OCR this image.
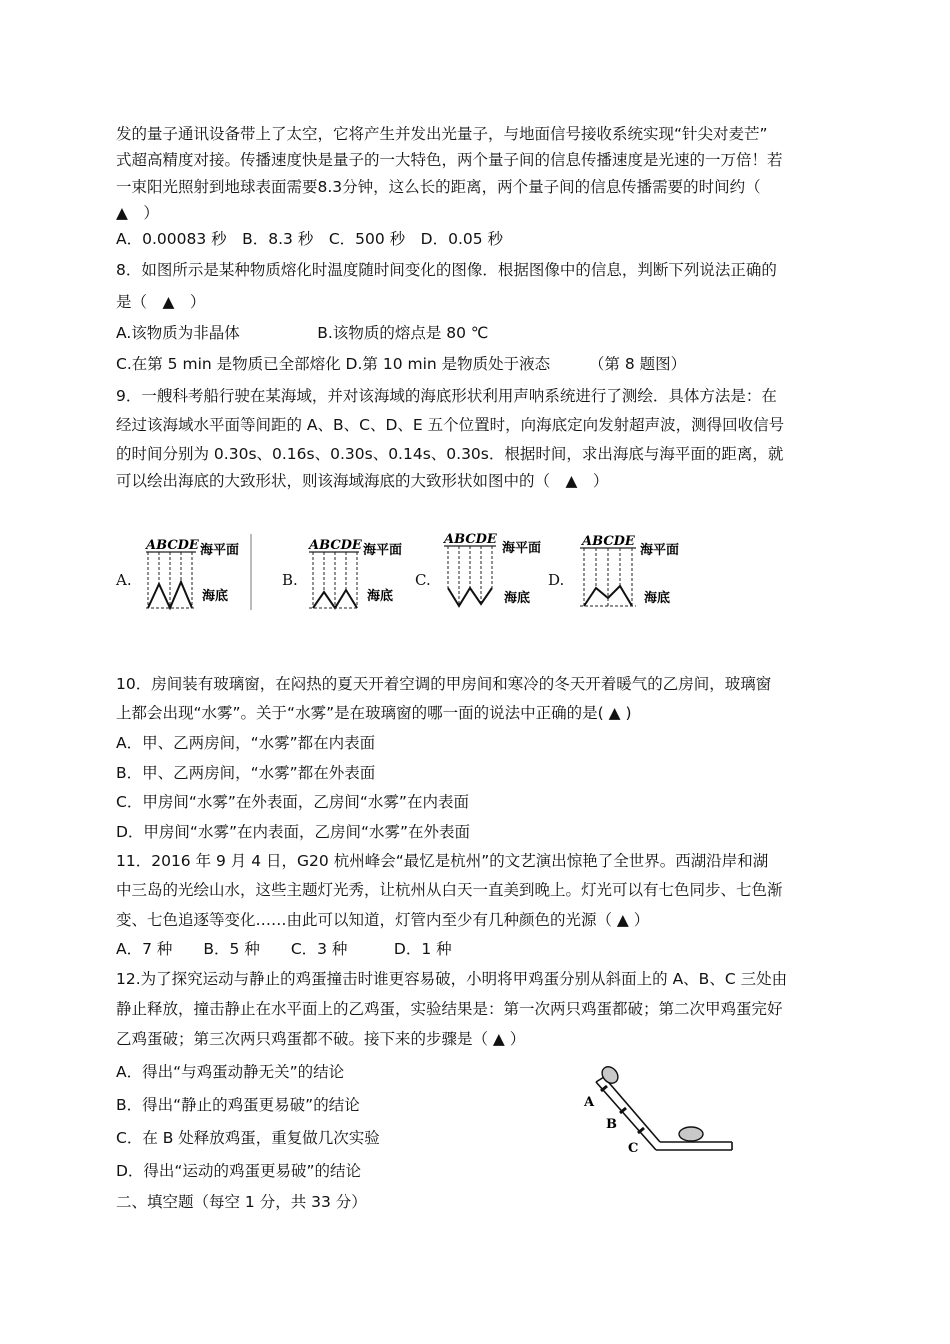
发的量子通讯设备带上了太空，它将产生并发出光量子，与地面信号接收系统实现“针尖对麦芒”
式超高精度对接。传播速度快是量子的一大特色，两个量子间的信息传播速度是光速的一万倍！若
一束阳光照射到地球表面需要8.3分钟，这么长的距离，两个量子间的信息传播需要的时间约（
▲　）
A．0.00083 秒　B．8.3 秒　C．500 秒　D．0.05 秒
8．如图所示是某种物质熔化时温度随时间变化的图像．根据图像中的信息，判断下列说法正确的
是（　▲　）
A.该物质为非晶体　　　　　B.该物质的熔点是 80 ℃
C.在第 5 min 是物质已全部熔化 D.第 10 min 是物质处于液态　　　（第 8 题图）
9．一艘科考船行驶在某海域，并对该海域的海底形状利用声呐系统进行了测绘．具体方法是：在
经过该海域水平面等间距的 A、B、C、D、E 五个位置时，向海底定向发射超声波，测得回收信号
的时间分别为 0.30s、0.16s、0.30s、0.14s、0.30s．根据时间，求出海底与海平面的距离，就
可以绘出海底的大致形状，则该海域海底的大致形状如图中的（　▲　）
A.	B.	C.	D.
ABCDE 海平面
海底
ABCDE 海平面
海底
ABCDE
海平面
海底
ABCDE
海平面
海底
10．房间装有玻璃窗，在闷热的夏天开着空调的甲房间和寒冷的冬天开着暖气的乙房间，玻璃窗
上都会出现“水雾”。关于“水雾”是在玻璃窗的哪一面的说法中正确的是( ▲ )
A．甲、乙两房间，“水雾”都在内表面
B．甲、乙两房间，“水雾”都在外表面
C．甲房间“水雾”在外表面，乙房间“水雾”在内表面
D．甲房间“水雾”在内表面，乙房间“水雾”在外表面
11．2016 年 9 月 4 日，G20 杭州峰会“最忆是杭州”的文艺演出惊艳了全世界。西湖沿岸和湖
中三岛的光绘山水，这些主题灯光秀，让杭州从白天一直美到晚上。灯光可以有七色同步、七色渐
变、七色追逐等变化……由此可以知道，灯管内至少有几种颜色的光源（ ▲ ）
A．7 种　　B．5 种　　C．3 种　　　D．1 种
12.为了探究运动与静止的鸡蛋撞击时谁更容易破，小明将甲鸡蛋分别从斜面上的 A、B、C 三处由
静止释放，撞击静止在水平面上的乙鸡蛋，实验结果是：第一次两只鸡蛋都破；第二次甲鸡蛋完好
乙鸡蛋破；第三次两只鸡蛋都不破。接下来的步骤是（ ▲ ）
A．得出“与鸡蛋动静无关”的结论
B．得出“静止的鸡蛋更易破”的结论
C．在 B 处释放鸡蛋，重复做几次实验
D．得出“运动的鸡蛋更易破”的结论
A
B
C
二、填空题（每空 1 分，共 33 分）
